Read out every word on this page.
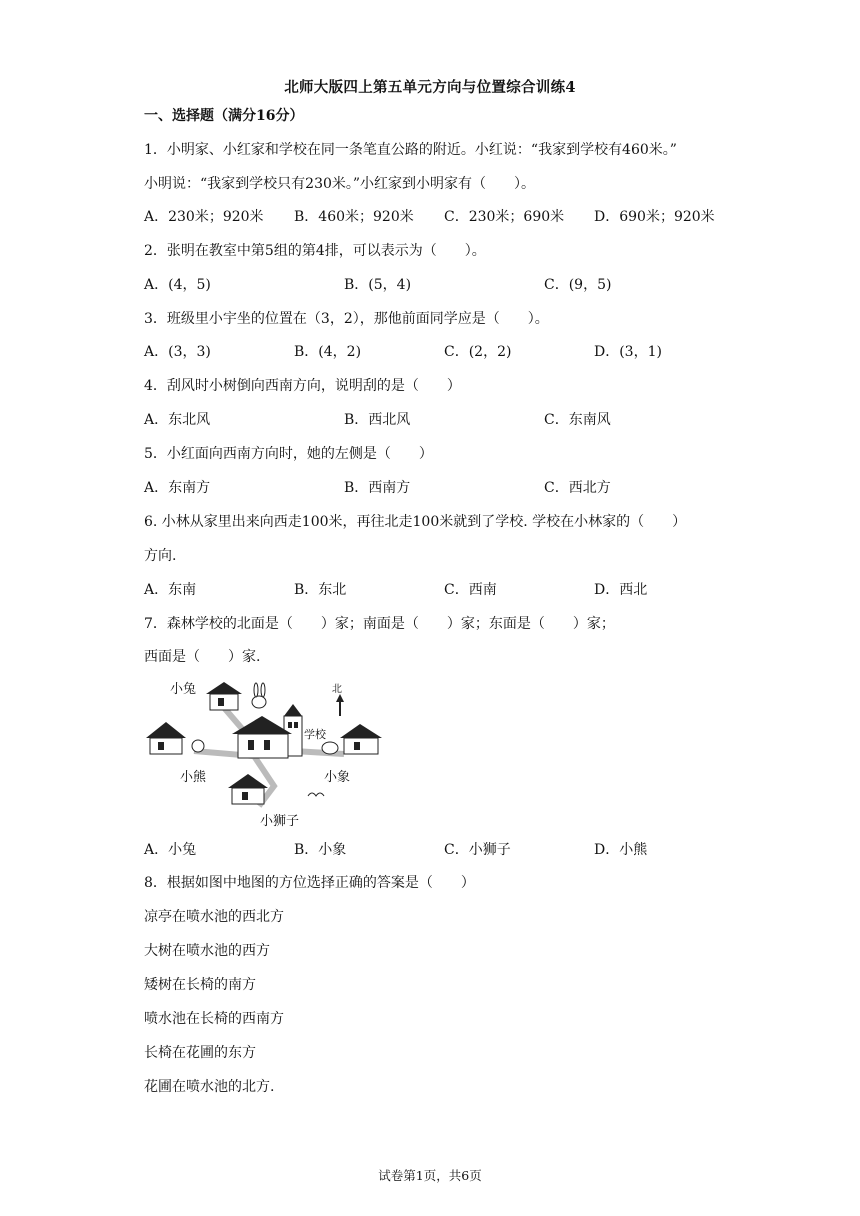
北师大版四上第五单元方向与位置综合训练4
一、选择题（满分16分）
1．小明家、小红家和学校在同一条笔直公路的附近。小红说：“我家到学校有460米。”
小明说：“我家到学校只有230米。”小红家到小明家有（　　）。
A．230米；920米 B．460米；920米 C．230米；690米 D．690米；920米
2．张明在教室中第5组的第4排，可以表示为（　　）。
A．(4，5)	B．(5，4)	C．(9，5)
3．班级里小宇坐的位置在（3，2），那他前面同学应是（　　）。
A．(3，3)	B．(4，2)	C．(2，2)	D．(3，1)
4．刮风时小树倒向西南方向，说明刮的是（　　）
A．东北风	B．西北风	C．东南风
5．小红面向西南方向时，她的左侧是（　　）
A．东南方	B．西南方	C．西北方
6. 小林从家里出来向西走100米，再往北走100米就到了学校. 学校在小林家的（　　）
方向.
A．东南	B．东北	C．西南	D．西北
7．森林学校的北面是（　　）家；南面是（　　）家；东面是（　　）家；
西面是（　　）家.
小兔
小熊	小象
小狮子
学校
北
A．小兔	B．小象	C．小狮子	D．小熊
8．根据如图中地图的方位选择正确的答案是（　　）
凉亭在喷水池的西北方
大树在喷水池的西方
矮树在长椅的南方
喷水池在长椅的西南方
长椅在花圃的东方
花圃在喷水池的北方.
试卷第1页，共6页
